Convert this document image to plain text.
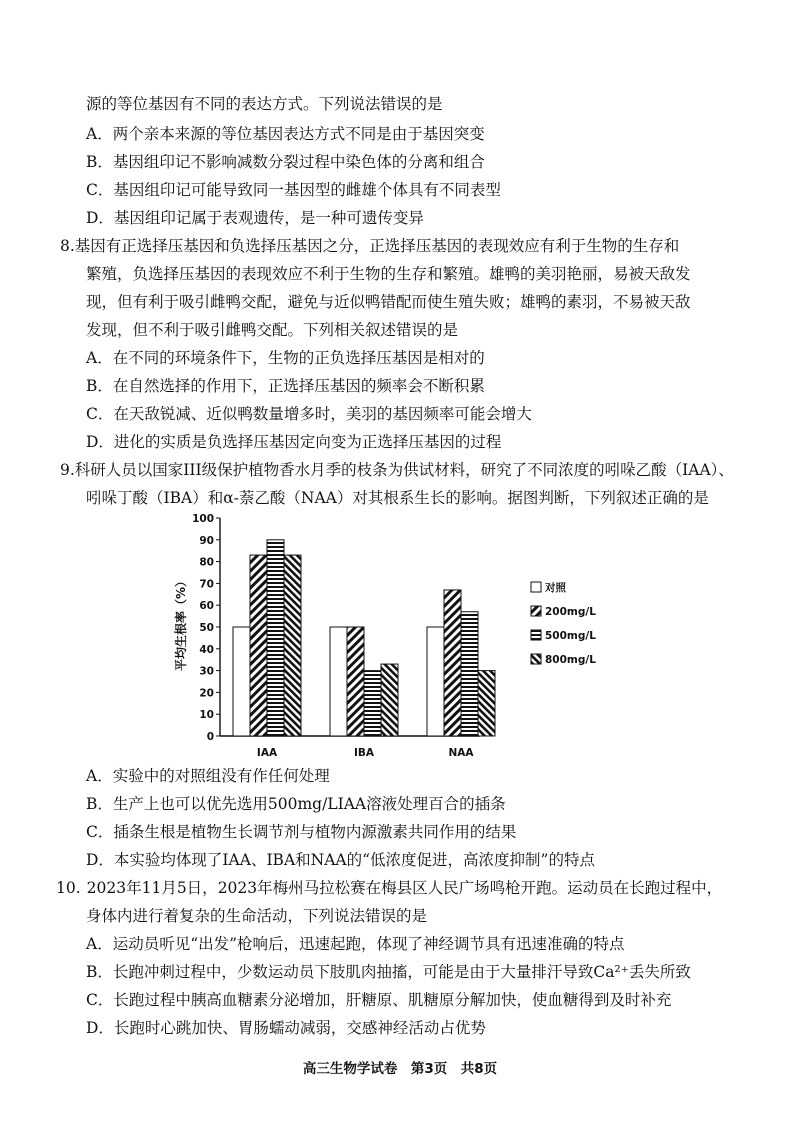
源的等位基因有不同的表达方式。下列说法错误的是
A．两个亲本来源的等位基因表达方式不同是由于基因突变
B．基因组印记不影响减数分裂过程中染色体的分离和组合
C．基因组印记可能导致同一基因型的雌雄个体具有不同表型
D．基因组印记属于表观遗传，是一种可遗传变异
8.基因有正选择压基因和负选择压基因之分，正选择压基因的表现效应有利于生物的生存和
繁殖，负选择压基因的表现效应不利于生物的生存和繁殖。雄鸭的美羽艳丽，易被天敌发
现，但有利于吸引雌鸭交配，避免与近似鸭错配而使生殖失败；雄鸭的素羽，不易被天敌
发现，但不利于吸引雌鸭交配。下列相关叙述错误的是
A．在不同的环境条件下，生物的正负选择压基因是相对的
B．在自然选择的作用下，正选择压基因的频率会不断积累
C．在天敌锐减、近似鸭数量增多时，美羽的基因频率可能会增大
D．进化的实质是负选择压基因定向变为正选择压基因的过程
9.科研人员以国家III级保护植物香水月季的枝条为供试材料，研究了不同浓度的吲哚乙酸（IAA）、
吲哚丁酸（IBA）和α-萘乙酸（NAA）对其根系生长的影响。据图判断，下列叙述正确的是
平均生根率（%）
0
10
20
30
40
50
60
70
80
90
100
IAA	IBA	NAA
对照
200mg/L
500mg/L
800mg/L
A．实验中的对照组没有作任何处理
B．生产上也可以优先选用500mg/LIAA溶液处理百合的插条
C．插条生根是植物生长调节剂与植物内源激素共同作用的结果
D．本实验均体现了IAA、IBA和NAA的“低浓度促进，高浓度抑制”的特点
10. 2023年11月5日，2023年梅州马拉松赛在梅县区人民广场鸣枪开跑。运动员在长跑过程中，
身体内进行着复杂的生命活动，下列说法错误的是
A．运动员听见“出发”枪响后，迅速起跑，体现了神经调节具有迅速准确的特点
B．长跑冲刺过程中，少数运动员下肢肌肉抽搐，可能是由于大量排汗导致Ca²⁺丢失所致
C．长跑过程中胰高血糖素分泌增加，肝糖原、肌糖原分解加快，使血糖得到及时补充
D．长跑时心跳加快、胃肠蠕动减弱，交感神经活动占优势
高三生物学试卷　第3页　共8页
